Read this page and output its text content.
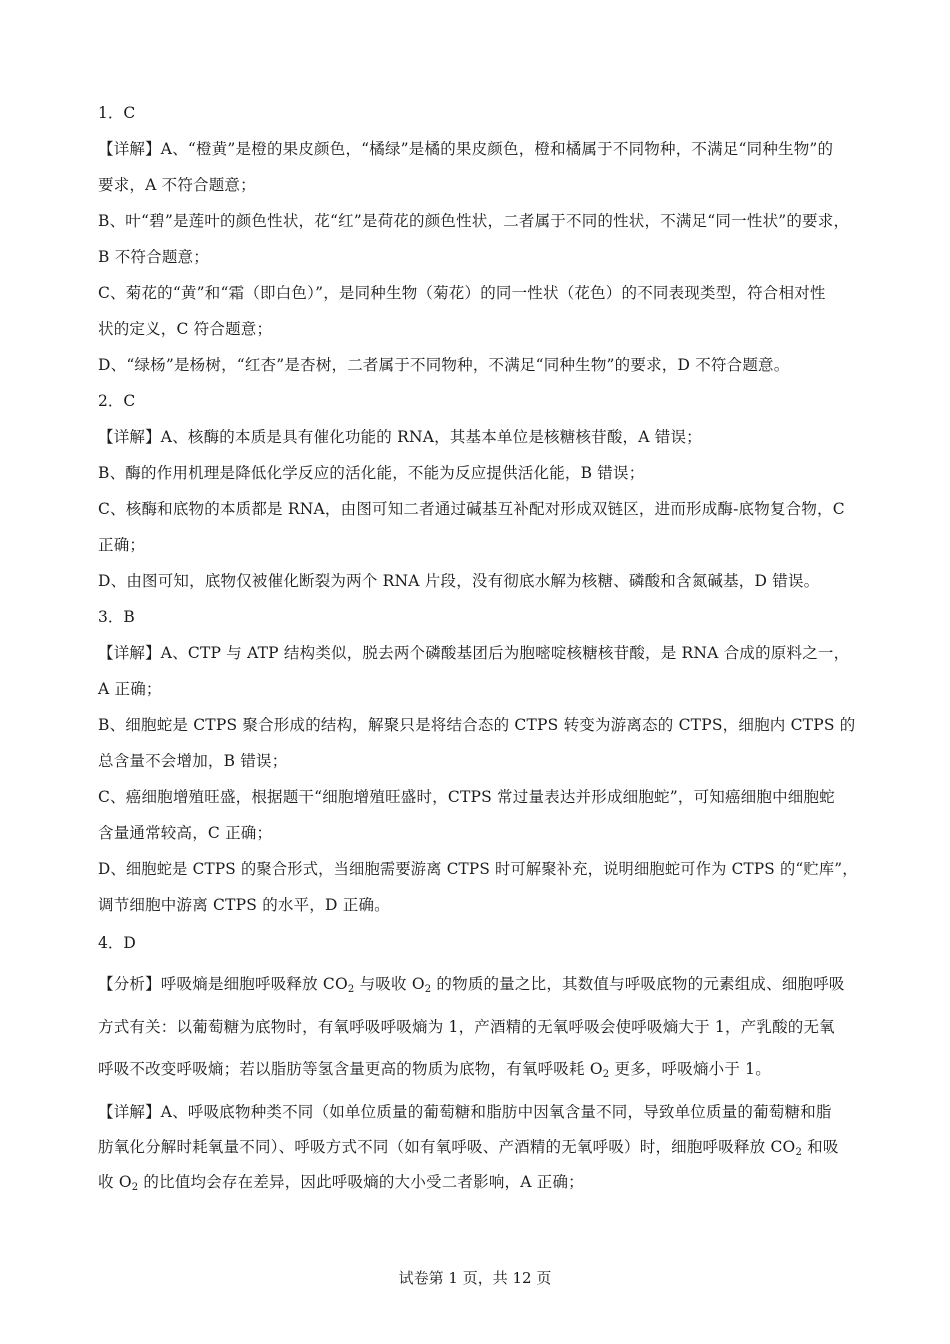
1．C
【详解】A、“橙黄”是橙的果皮颜色，“橘绿”是橘的果皮颜色，橙和橘属于不同物种，不满足“同种生物”的
要求，A 不符合题意；
B、叶“碧”是莲叶的颜色性状，花“红”是荷花的颜色性状，二者属于不同的性状，不满足“同一性状”的要求，
B 不符合题意；
C、菊花的“黄”和“霜（即白色）”，是同种生物（菊花）的同一性状（花色）的不同表现类型，符合相对性
状的定义，C 符合题意；
D、“绿杨”是杨树，“红杏”是杏树，二者属于不同物种，不满足“同种生物”的要求，D 不符合题意。
2．C
【详解】A、核酶的本质是具有催化功能的 RNA，其基本单位是核糖核苷酸，A 错误；
B、酶的作用机理是降低化学反应的活化能，不能为反应提供活化能，B 错误；
C、核酶和底物的本质都是 RNA，由图可知二者通过碱基互补配对形成双链区，进而形成酶-底物复合物，C
正确；
D、由图可知，底物仅被催化断裂为两个 RNA 片段，没有彻底水解为核糖、磷酸和含氮碱基，D 错误。
3．B
【详解】A、CTP 与 ATP 结构类似，脱去两个磷酸基团后为胞嘧啶核糖核苷酸，是 RNA 合成的原料之一，
A 正确；
B、细胞蛇是 CTPS 聚合形成的结构，解聚只是将结合态的 CTPS 转变为游离态的 CTPS，细胞内 CTPS 的
总含量不会增加，B 错误；
C、癌细胞增殖旺盛，根据题干“细胞增殖旺盛时，CTPS 常过量表达并形成细胞蛇”，可知癌细胞中细胞蛇
含量通常较高，C 正确；
D、细胞蛇是 CTPS 的聚合形式，当细胞需要游离 CTPS 时可解聚补充，说明细胞蛇可作为 CTPS 的“贮库”，
调节细胞中游离 CTPS 的水平，D 正确。
4．D
【分析】呼吸熵是细胞呼吸释放 $CO_2$ 与吸收 $O_2$ 的物质的量之比，其数值与呼吸底物的元素组成、细胞呼吸
方式有关：以葡萄糖为底物时，有氧呼吸呼吸熵为 1，产酒精的无氧呼吸会使呼吸熵大于 1，产乳酸的无氧
呼吸不改变呼吸熵；若以脂肪等氢含量更高的物质为底物，有氧呼吸耗 $O_2$ 更多，呼吸熵小于 1。
【详解】A、呼吸底物种类不同（如单位质量的葡萄糖和脂肪中因氧含量不同，导致单位质量的葡萄糖和脂
肪氧化分解时耗氧量不同）、呼吸方式不同（如有氧呼吸、产酒精的无氧呼吸）时，细胞呼吸释放 $CO_2$ 和吸
收 $O_2$ 的比值均会存在差异，因此呼吸熵的大小受二者影响，A 正确；
试卷第 1 页，共 12 页
